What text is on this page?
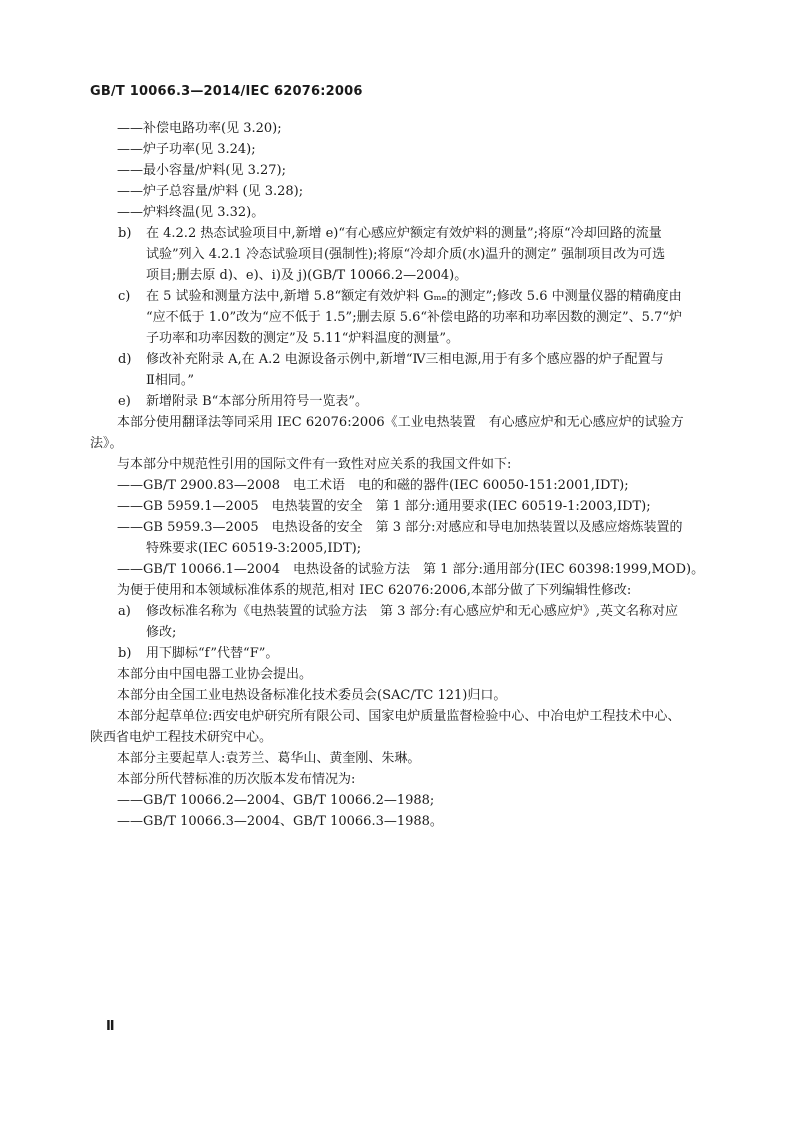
GB/T 10066.3—2014/IEC 62076:2006
——补偿电路功率(见 3.20);
——炉子功率(见 3.24);
——最小容量/炉料(见 3.27);
——炉子总容量/炉料 (见 3.28);
——炉料终温(见 3.32)。
b) 在 4.2.2 热态试验项目中,新增 e)“有心感应炉额定有效炉料的测量”;将原“冷却回路的流量
试验”列入 4.2.1 冷态试验项目(强制性);将原“冷却介质(水)温升的测定” 强制项目改为可选
项目;删去原 d)、e)、i)及 j)(GB/T 10066.2—2004)。
c) 在 5 试验和测量方法中,新增 5.8“额定有效炉料 Gₘₑ的测定”;修改 5.6 中测量仪器的精确度由
“应不低于 1.0”改为“应不低于 1.5”;删去原 5.6“补偿电路的功率和功率因数的测定”、5.7“炉
子功率和功率因数的测定”及 5.11“炉料温度的测量”。
d) 修改补充附录 A,在 A.2 电源设备示例中,新增“Ⅳ三相电源,用于有多个感应器的炉子配置与
Ⅱ相同。”
e) 新增附录 B“本部分所用符号一览表”。
本部分使用翻译法等同采用 IEC 62076:2006《工业电热装置　有心感应炉和无心感应炉的试验方
法》。
与本部分中规范性引用的国际文件有一致性对应关系的我国文件如下:
——GB/T 2900.83—2008　电工术语　电的和磁的器件(IEC 60050-151:2001,IDT);
——GB 5959.1—2005　电热装置的安全　第 1 部分:通用要求(IEC 60519-1:2003,IDT);
——GB 5959.3—2005　电热设备的安全　第 3 部分:对感应和导电加热装置以及感应熔炼装置的
特殊要求(IEC 60519-3:2005,IDT);
——GB/T 10066.1—2004　电热设备的试验方法　第 1 部分:通用部分(IEC 60398:1999,MOD)。
为便于使用和本领域标准体系的规范,相对 IEC 62076:2006,本部分做了下列编辑性修改:
a) 修改标准名称为《电热装置的试验方法　第 3 部分:有心感应炉和无心感应炉》,英文名称对应
修改;
b) 用下脚标“f”代替“F”。
本部分由中国电器工业协会提出。
本部分由全国工业电热设备标准化技术委员会(SAC/TC 121)归口。
本部分起草单位:西安电炉研究所有限公司、国家电炉质量监督检验中心、中冶电炉工程技术中心、
陕西省电炉工程技术研究中心。
本部分主要起草人:袁芳兰、葛华山、黄奎刚、朱琳。
本部分所代替标准的历次版本发布情况为:
——GB/T 10066.2—2004、GB/T 10066.2—1988;
——GB/T 10066.3—2004、GB/T 10066.3—1988。
Ⅱ
